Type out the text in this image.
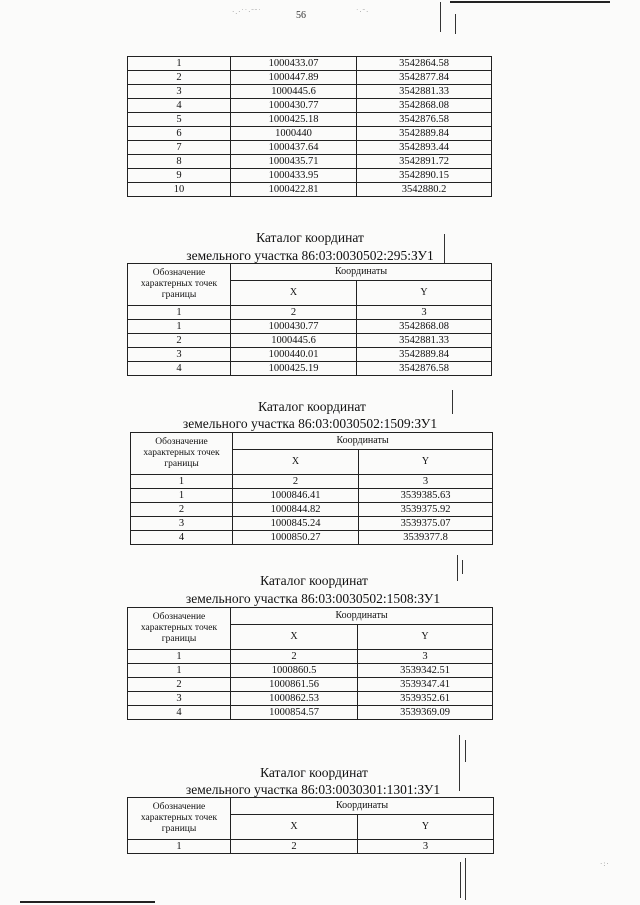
·.·˙˙·ˉˉ˙	56	˙·ˉ·
1	1000433.07	3542864.58
2	1000447.89	3542877.84
3	1000445.6	3542881.33
4	1000430.77	3542868.08
5	1000425.18	3542876.58
6	1000440	3542889.84
7	1000437.64	3542893.44
8	1000435.71	3542891.72
9	1000433.95	3542890.15
10	1000422.81	3542880.2
Каталог координат
земельного участка 86:03:0030502:295:ЗУ1
Обозначение характерных точек границы	Координаты	
	X	Y
1	2	3
1	1000430.77	3542868.08
2	1000445.6	3542881.33
3	1000440.01	3542889.84
4	1000425.19	3542876.58
Каталог координат
земельного участка 86:03:0030502:1509:ЗУ1
Обозначение характерных точек границы	Координаты	
	X	Y
1	2	3
1	1000846.41	3539385.63
2	1000844.82	3539375.92
3	1000845.24	3539375.07
4	1000850.27	3539377.8
Каталог координат
земельного участка 86:03:0030502:1508:ЗУ1
Обозначение характерных точек границы	Координаты	
	X	Y
1	2	3
1	1000860.5	3539342.51
2	1000861.56	3539347.41
3	1000862.53	3539352.61
4	1000854.57	3539369.09
Каталог координат
земельного участка 86:03:0030301:1301:ЗУ1
Обозначение характерных точек границы	Координаты	
	X	Y
1	2	3
·:·
